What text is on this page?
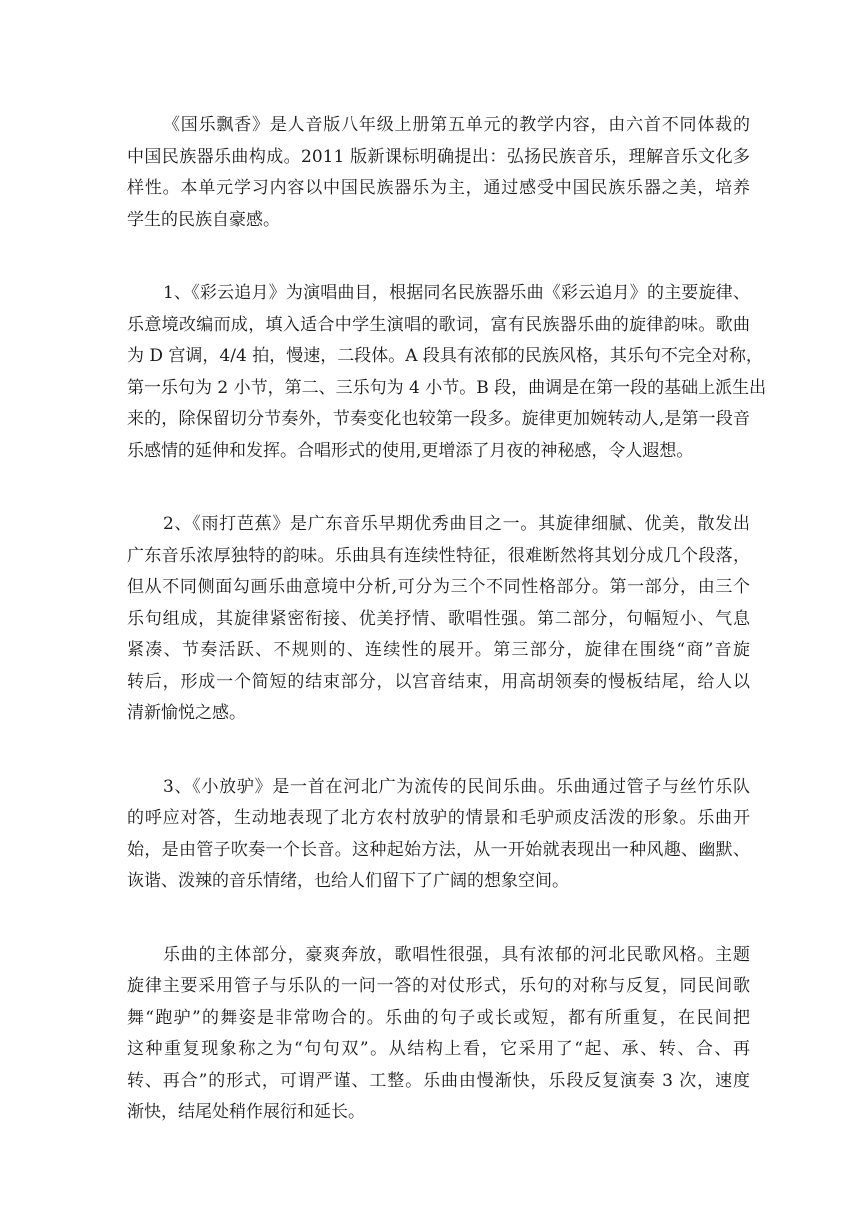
《国乐飘香》是人音版八年级上册第五单元的教学内容，由六首不同体裁的
中国民族器乐曲构成。2011 版新课标明确提出：弘扬民族音乐，理解音乐文化多
样性。本单元学习内容以中国民族器乐为主，通过感受中国民族乐器之美，培养
学生的民族自豪感。
1、《彩云追月》为演唱曲目，根据同名民族器乐曲《彩云追月》的主要旋律、
乐意境改编而成，填入适合中学生演唱的歌词，富有民族器乐曲的旋律韵味。歌曲
为 D 宫调，4/4 拍，慢速，二段体。A 段具有浓郁的民族风格，其乐句不完全对称，
第一乐句为 2 小节，第二、三乐句为 4 小节。B 段，曲调是在第一段的基础上派生出
来的，除保留切分节奏外，节奏变化也较第一段多。旋律更加婉转动人,是第一段音
乐感情的延伸和发挥。合唱形式的使用,更增添了月夜的神秘感，令人遐想。
2、《雨打芭蕉》是广东音乐早期优秀曲目之一。其旋律细腻、优美，散发出
广东音乐浓厚独特的韵味。乐曲具有连续性特征，很难断然将其划分成几个段落，
但从不同侧面勾画乐曲意境中分析,可分为三个不同性格部分。第一部分，由三个
乐句组成，其旋律紧密衔接、优美抒情、歌唱性强。第二部分，句幅短小、气息
紧凑、节奏活跃、不规则的、连续性的展开。第三部分，旋律在围绕“商”音旋
转后，形成一个简短的结束部分，以宫音结束，用高胡领奏的慢板结尾，给人以
清新愉悦之感。
3、《小放驴》是一首在河北广为流传的民间乐曲。乐曲通过管子与丝竹乐队
的呼应对答，生动地表现了北方农村放驴的情景和毛驴顽皮活泼的形象。乐曲开
始，是由管子吹奏一个长音。这种起始方法，从一开始就表现出一种风趣、幽默、
诙谐、泼辣的音乐情绪，也给人们留下了广阔的想象空间。
乐曲的主体部分，豪爽奔放，歌唱性很强，具有浓郁的河北民歌风格。主题
旋律主要采用管子与乐队的一问一答的对仗形式，乐句的对称与反复，同民间歌
舞“跑驴”的舞姿是非常吻合的。乐曲的句子或长或短，都有所重复，在民间把
这种重复现象称之为“句句双”。从结构上看，它采用了“起、承、转、合、再
转、再合”的形式，可谓严谨、工整。乐曲由慢渐快，乐段反复演奏 3 次，速度
渐快，结尾处稍作展衍和延长。
